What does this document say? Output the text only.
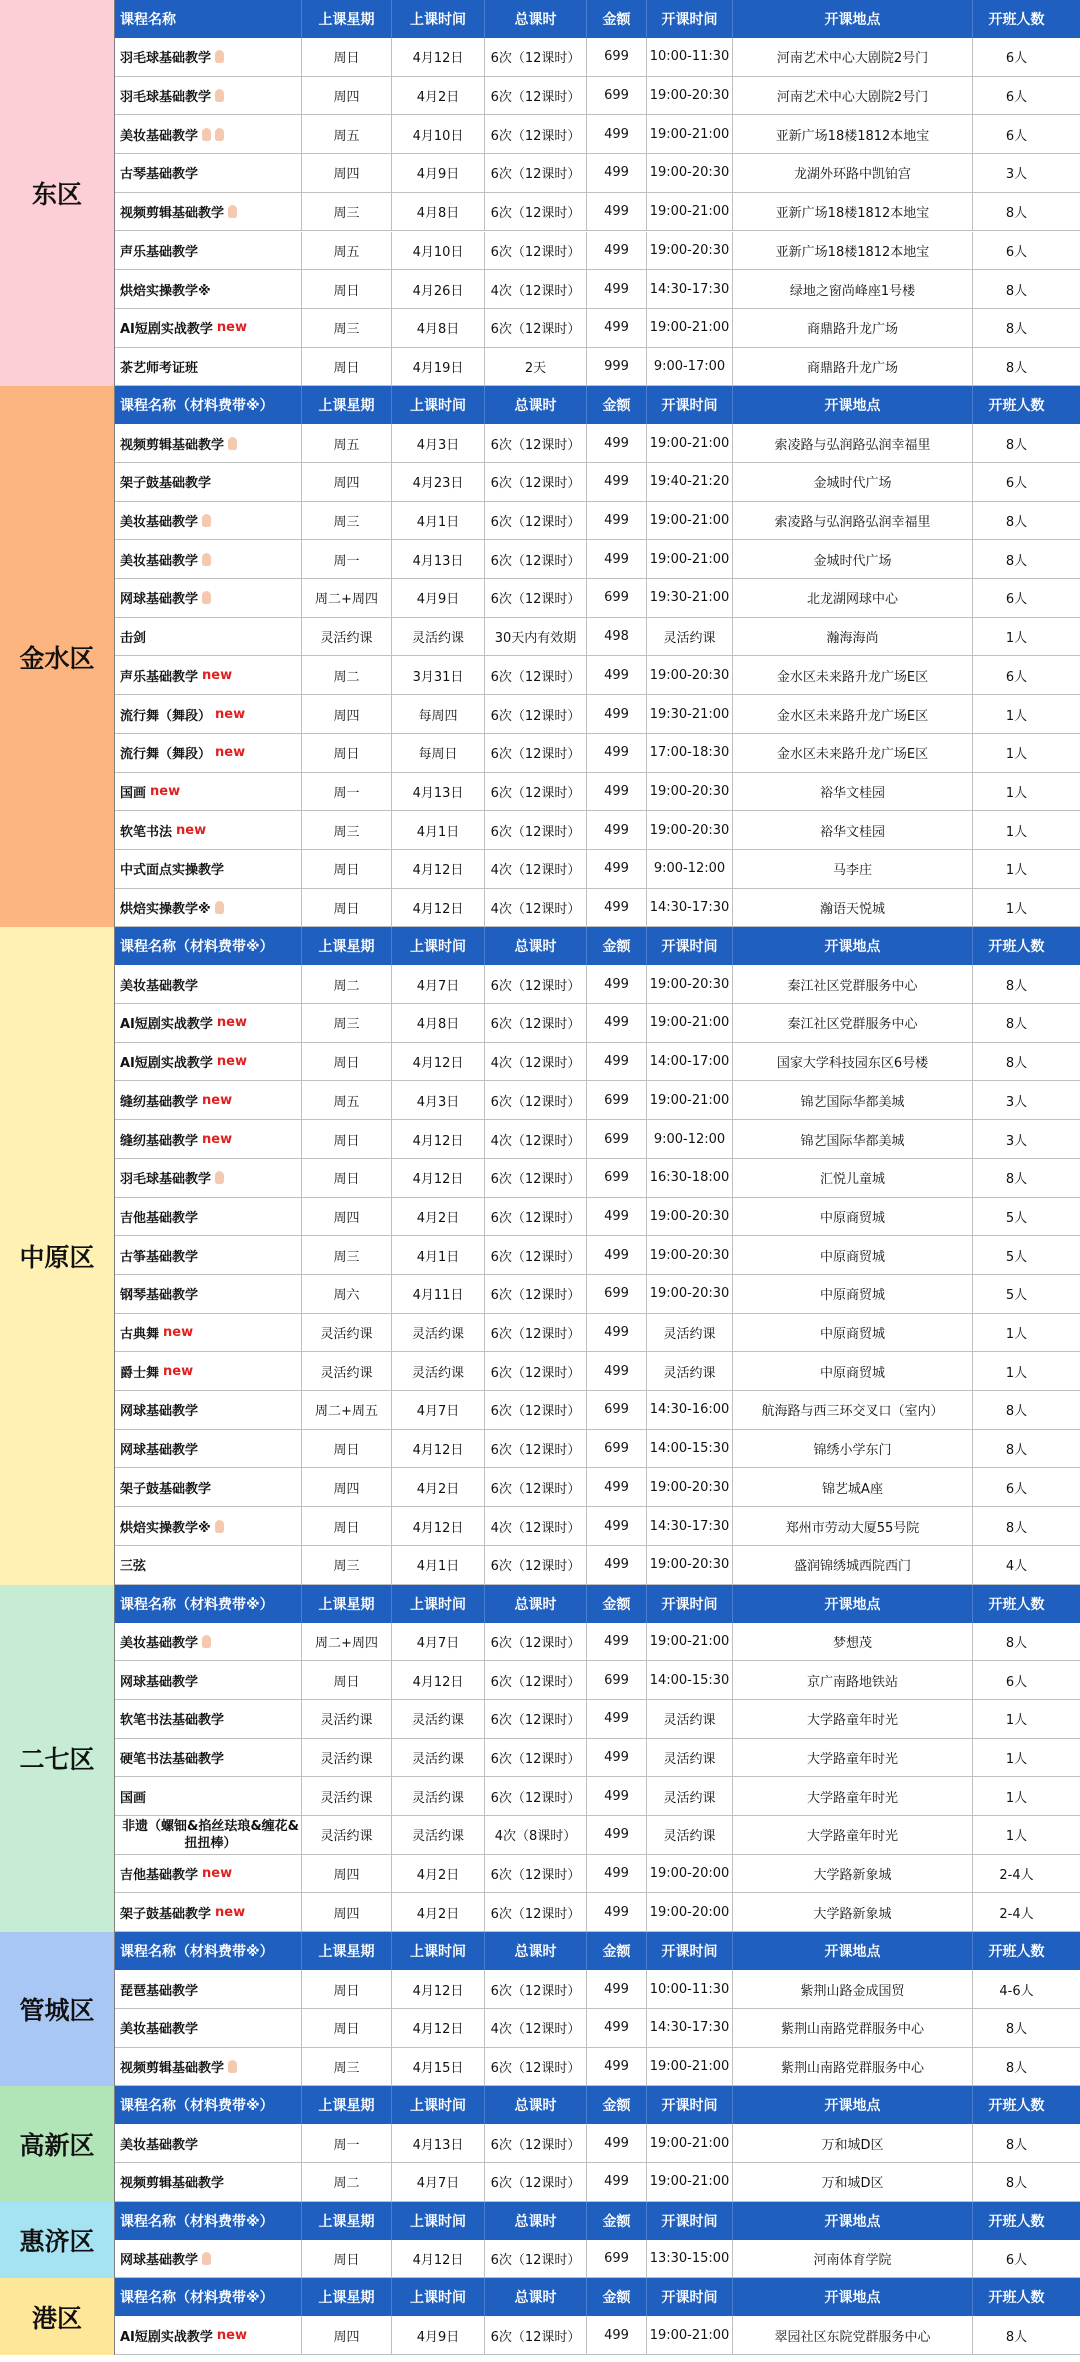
东区
课程名称	上课星期	上课时间	总课时	金额	开课时间	开课地点	开班人数
羽毛球基础教学	周日	4月12日	6次（12课时）	699	10:00-11:30	河南艺术中心大剧院2号门	6人
羽毛球基础教学	周四	4月2日	6次（12课时）	699	19:00-20:30	河南艺术中心大剧院2号门	6人
美妆基础教学	周五	4月10日	6次（12课时）	499	19:00-21:00	亚新广场18楼1812本地宝	6人
古琴基础教学	周四	4月9日	6次（12课时）	499	19:00-20:30	龙湖外环路中凯铂宫	3人
视频剪辑基础教学	周三	4月8日	6次（12课时）	499	19:00-21:00	亚新广场18楼1812本地宝	8人
声乐基础教学	周五	4月10日	6次（12课时）	499	19:00-20:30	亚新广场18楼1812本地宝	6人
烘焙实操教学※	周日	4月26日	4次（12课时）	499	14:30-17:30	绿地之窗尚峰座1号楼	8人
AI短剧实战教学 new	周三	4月8日	6次（12课时）	499	19:00-21:00	商鼎路升龙广场	8人
茶艺师考证班	周日	4月19日	2天	999	9:00-17:00	商鼎路升龙广场	8人
金水区
课程名称（材料费带※）	上课星期	上课时间	总课时	金额	开课时间	开课地点	开班人数
视频剪辑基础教学	周五	4月3日	6次（12课时）	499	19:00-21:00	索凌路与弘润路弘润幸福里	8人
架子鼓基础教学	周四	4月23日	6次（12课时）	499	19:40-21:20	金城时代广场	6人
美妆基础教学	周三	4月1日	6次（12课时）	499	19:00-21:00	索凌路与弘润路弘润幸福里	8人
美妆基础教学	周一	4月13日	6次（12课时）	499	19:00-21:00	金城时代广场	8人
网球基础教学	周二+周四	4月9日	6次（12课时）	699	19:30-21:00	北龙湖网球中心	6人
击剑	灵活约课	灵活约课	30天内有效期	498	灵活约课	瀚海海尚	1人
声乐基础教学 new	周二	3月31日	6次（12课时）	499	19:00-20:30	金水区未来路升龙广场E区	6人
流行舞（舞段） new	周四	每周四	6次（12课时）	499	19:30-21:00	金水区未来路升龙广场E区	1人
流行舞（舞段） new	周日	每周日	6次（12课时）	499	17:00-18:30	金水区未来路升龙广场E区	1人
国画 new	周一	4月13日	6次（12课时）	499	19:00-20:30	裕华文桂园	1人
软笔书法 new	周三	4月1日	6次（12课时）	499	19:00-20:30	裕华文桂园	1人
中式面点实操教学	周日	4月12日	4次（12课时）	499	9:00-12:00	马李庄	1人
烘焙实操教学※	周日	4月12日	4次（12课时）	499	14:30-17:30	瀚语天悦城	1人
中原区
课程名称（材料费带※）	上课星期	上课时间	总课时	金额	开课时间	开课地点	开班人数
美妆基础教学	周二	4月7日	6次（12课时）	499	19:00-20:30	秦江社区党群服务中心	8人
AI短剧实战教学 new	周三	4月8日	6次（12课时）	499	19:00-21:00	秦江社区党群服务中心	8人
AI短剧实战教学 new	周日	4月12日	4次（12课时）	499	14:00-17:00	国家大学科技园东区6号楼	8人
缝纫基础教学 new	周五	4月3日	6次（12课时）	699	19:00-21:00	锦艺国际华都美城	3人
缝纫基础教学 new	周日	4月12日	4次（12课时）	699	9:00-12:00	锦艺国际华都美城	3人
羽毛球基础教学	周日	4月12日	6次（12课时）	699	16:30-18:00	汇悦儿童城	8人
吉他基础教学	周四	4月2日	6次（12课时）	499	19:00-20:30	中原商贸城	5人
古筝基础教学	周三	4月1日	6次（12课时）	499	19:00-20:30	中原商贸城	5人
钢琴基础教学	周六	4月11日	6次（12课时）	699	19:00-20:30	中原商贸城	5人
古典舞 new	灵活约课	灵活约课	6次（12课时）	499	灵活约课	中原商贸城	1人
爵士舞 new	灵活约课	灵活约课	6次（12课时）	499	灵活约课	中原商贸城	1人
网球基础教学	周二+周五	4月7日	6次（12课时）	699	14:30-16:00	航海路与西三环交叉口（室内）	8人
网球基础教学	周日	4月12日	6次（12课时）	699	14:00-15:30	锦绣小学东门	8人
架子鼓基础教学	周四	4月2日	6次（12课时）	499	19:00-20:30	锦艺城A座	6人
烘焙实操教学※	周日	4月12日	4次（12课时）	499	14:30-17:30	郑州市劳动大厦55号院	8人
三弦	周三	4月1日	6次（12课时）	499	19:00-20:30	盛润锦绣城西院西门	4人
二七区
课程名称（材料费带※）	上课星期	上课时间	总课时	金额	开课时间	开课地点	开班人数
美妆基础教学	周二+周四	4月7日	6次（12课时）	499	19:00-21:00	梦想茂	8人
网球基础教学	周日	4月12日	6次（12课时）	699	14:00-15:30	京广南路地铁站	6人
软笔书法基础教学	灵活约课	灵活约课	6次（12课时）	499	灵活约课	大学路童年时光	1人
硬笔书法基础教学	灵活约课	灵活约课	6次（12课时）	499	灵活约课	大学路童年时光	1人
国画	灵活约课	灵活约课	6次（12课时）	499	灵活约课	大学路童年时光	1人
非遗（螺钿&掐丝珐琅&缠花&扭扭棒）	灵活约课	灵活约课	4次（8课时）	499	灵活约课	大学路童年时光	1人
吉他基础教学 new	周四	4月2日	6次（12课时）	499	19:00-20:00	大学路新象城	2-4人
架子鼓基础教学 new	周四	4月2日	6次（12课时）	499	19:00-20:00	大学路新象城	2-4人
管城区
课程名称（材料费带※）	上课星期	上课时间	总课时	金额	开课时间	开课地点	开班人数
琵琶基础教学	周日	4月12日	6次（12课时）	499	10:00-11:30	紫荆山路金成国贸	4-6人
美妆基础教学	周日	4月12日	4次（12课时）	499	14:30-17:30	紫荆山南路党群服务中心	8人
视频剪辑基础教学	周三	4月15日	6次（12课时）	499	19:00-21:00	紫荆山南路党群服务中心	8人
高新区
课程名称（材料费带※）	上课星期	上课时间	总课时	金额	开课时间	开课地点	开班人数
美妆基础教学	周一	4月13日	6次（12课时）	499	19:00-21:00	万和城D区	8人
视频剪辑基础教学	周二	4月7日	6次（12课时）	499	19:00-21:00	万和城D区	8人
惠济区
课程名称（材料费带※）	上课星期	上课时间	总课时	金额	开课时间	开课地点	开班人数
网球基础教学	周日	4月12日	6次（12课时）	699	13:30-15:00	河南体育学院	6人
港区
课程名称（材料费带※）	上课星期	上课时间	总课时	金额	开课时间	开课地点	开班人数
AI短剧实战教学 new	周四	4月9日	6次（12课时）	499	19:00-21:00	翠园社区东院党群服务中心	8人
